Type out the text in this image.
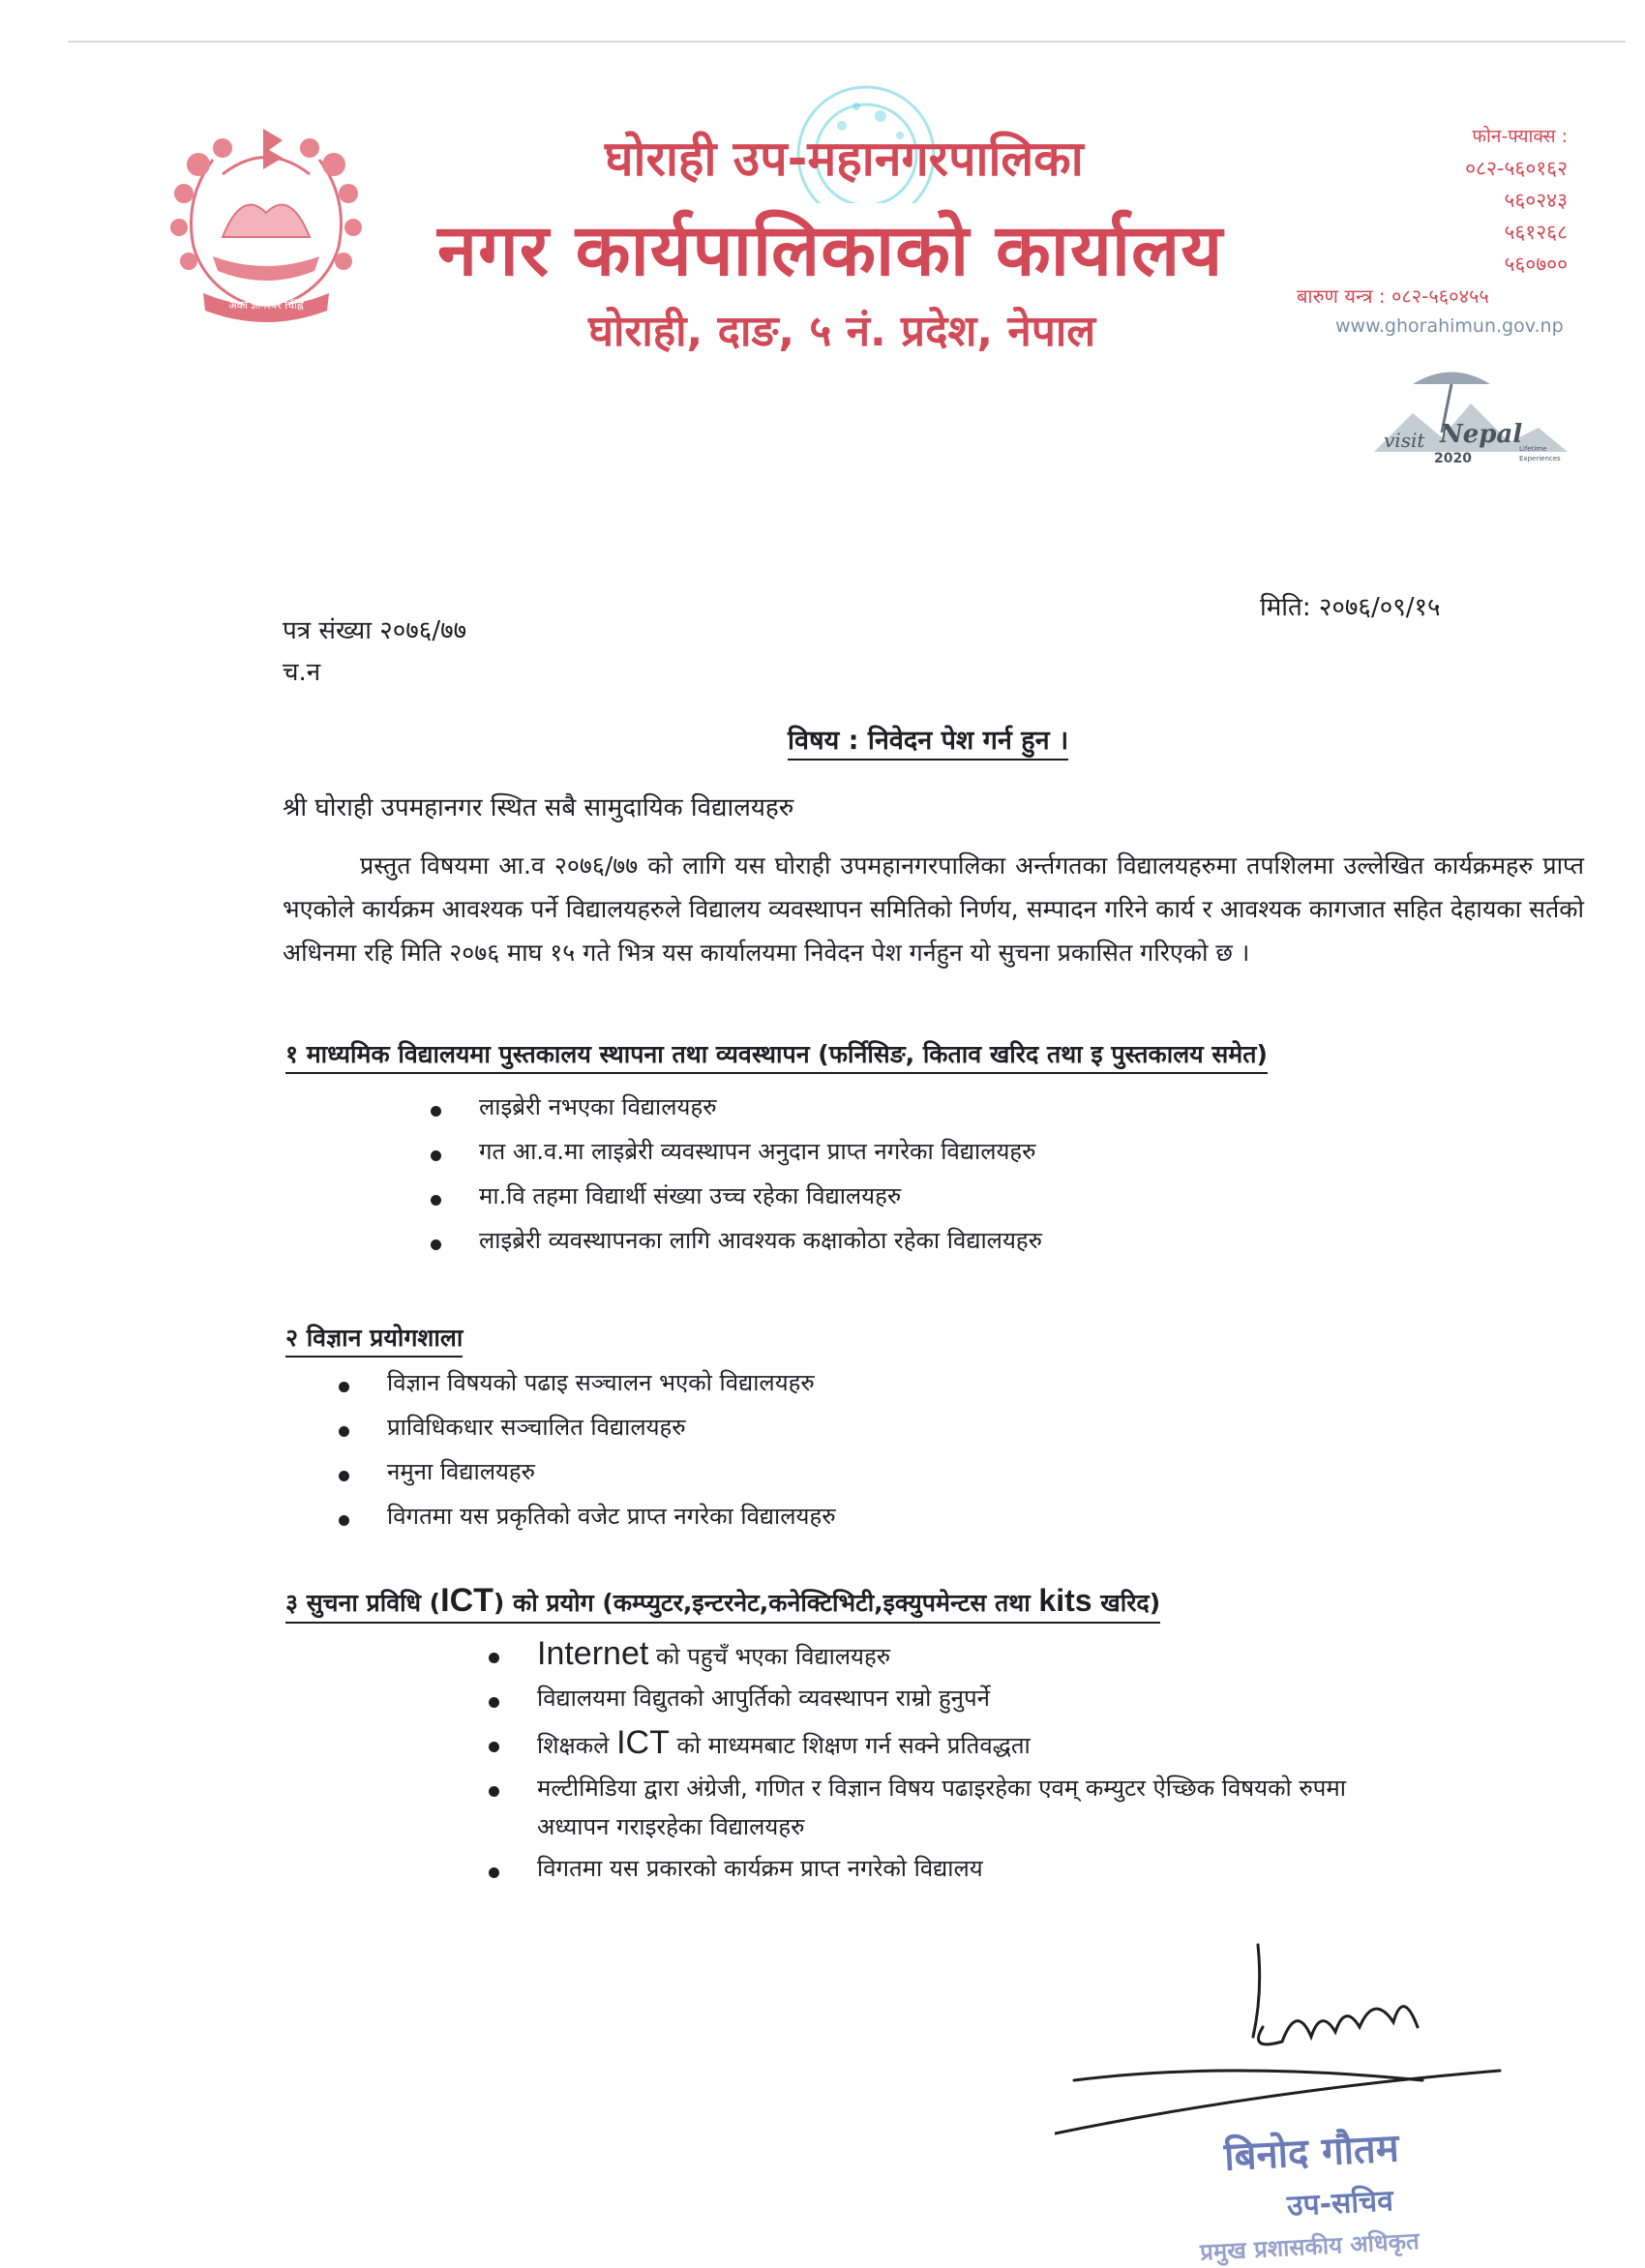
अर्को ज्ञानेश्वर र्चिह्नि
घोराही उप-महानगरपालिका
नगर कार्यपालिकाको कार्यालय
घोराही, दाङ, ५ नं. प्रदेश, नेपाल
फोन-फ्याक्स :
०८२-५६०१६२
५६०२४३
५६१२६८
५६०७००
बारुण यन्त्र : ०८२-५६०४५५
www.ghorahimun.gov.np
visit Nepal
2020
Lifetime
Experiences
पत्र संख्या २०७६/७७
च.न
मिति: २०७६/०९/१५
विषय : निवेदन पेश गर्न हुन ।
श्री घोराही उपमहानगर स्थित सबै सामुदायिक विद्यालयहरु

प्रस्तुत विषयमा आ.व २०७६/७७ को लागि यस घोराही उपमहानगरपालिका अर्न्तगतका विद्यालयहरुमा तपशिलमा उल्लेखित कार्यक्रमहरु प्राप्त भएकोले कार्यक्रम आवश्यक पर्ने विद्यालयहरुले विद्यालय व्यवस्थापन समितिको निर्णय, सम्पादन गरिने कार्य र आवश्यक कागजात सहित देहायका सर्तको अधिनमा रहि मिति २०७६ माघ १५ गते भित्र यस कार्यालयमा निवेदन पेश गर्नहुन यो सुचना प्रकासित गरिएको छ ।

१ माध्यमिक विद्यालयमा पुस्तकालय स्थापना तथा व्यवस्थापन (फर्निसिङ, किताव खरिद तथा इ पुस्तकालय समेत)
लाइब्रेरी नभएका विद्यालयहरु
गत आ.व.मा लाइब्रेरी व्यवस्थापन अनुदान प्राप्त नगरेका विद्यालयहरु
मा.वि तहमा विद्यार्थी संख्या उच्च रहेका विद्यालयहरु
लाइब्रेरी व्यवस्थापनका लागि आवश्यक कक्षाकोठा रहेका विद्यालयहरु
२ विज्ञान प्रयोगशाला
विज्ञान विषयको पढाइ सञ्चालन भएको विद्यालयहरु
प्राविधिकधार सञ्चालित विद्यालयहरु
नमुना विद्यालयहरु
विगतमा यस प्रकृतिको वजेट प्राप्त नगरेका विद्यालयहरु
३ सुचना प्रविधि (ICT) को प्रयोग (कम्प्युटर,इन्टरनेट,कनेक्टिभिटी,इक्युपमेन्टस तथा kits खरिद)
Internet को पहुचँ भएका विद्यालयहरु
विद्यालयमा विद्युतको आपुर्तिको व्यवस्थापन राम्रो हुनुपर्ने
शिक्षकले ICT को माध्यमबाट शिक्षण गर्न सक्ने प्रतिवद्धता
मल्टीमिडिया द्वारा अंग्रेजी, गणित र विज्ञान विषय पढाइरहेका एवम् कम्युटर ऐच्छिक विषयको रुपमा
अध्यापन गराइरहेका विद्यालयहरु
विगतमा यस प्रकारको कार्यक्रम प्राप्त नगरेको विद्यालय
बिनोद गौतम
उप-सचिव
प्रमुख प्रशासकीय अधिकृत
